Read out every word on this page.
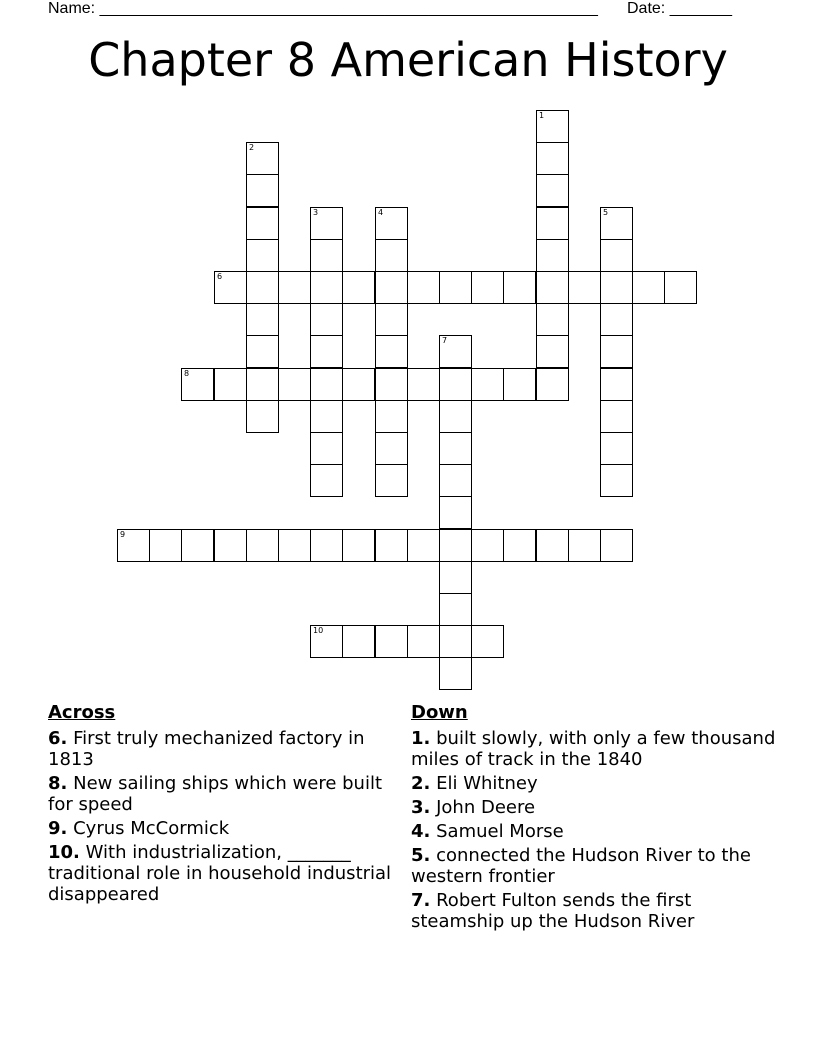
Name: ________________________________________________________ Date: _______
Chapter 8 American History
1
2
3	4	5
6
7
8
9
10
Across
6. First truly mechanized factory in 1813
8. New sailing ships which were built for speed
9. Cyrus McCormick
10. With industrialization, _______ traditional role in household industrial disappeared
Down
1. built slowly, with only a few thousand miles of track in the 1840
2. Eli Whitney
3. John Deere
4. Samuel Morse
5. connected the Hudson River to the western frontier
7. Robert Fulton sends the first steamship up the Hudson River
